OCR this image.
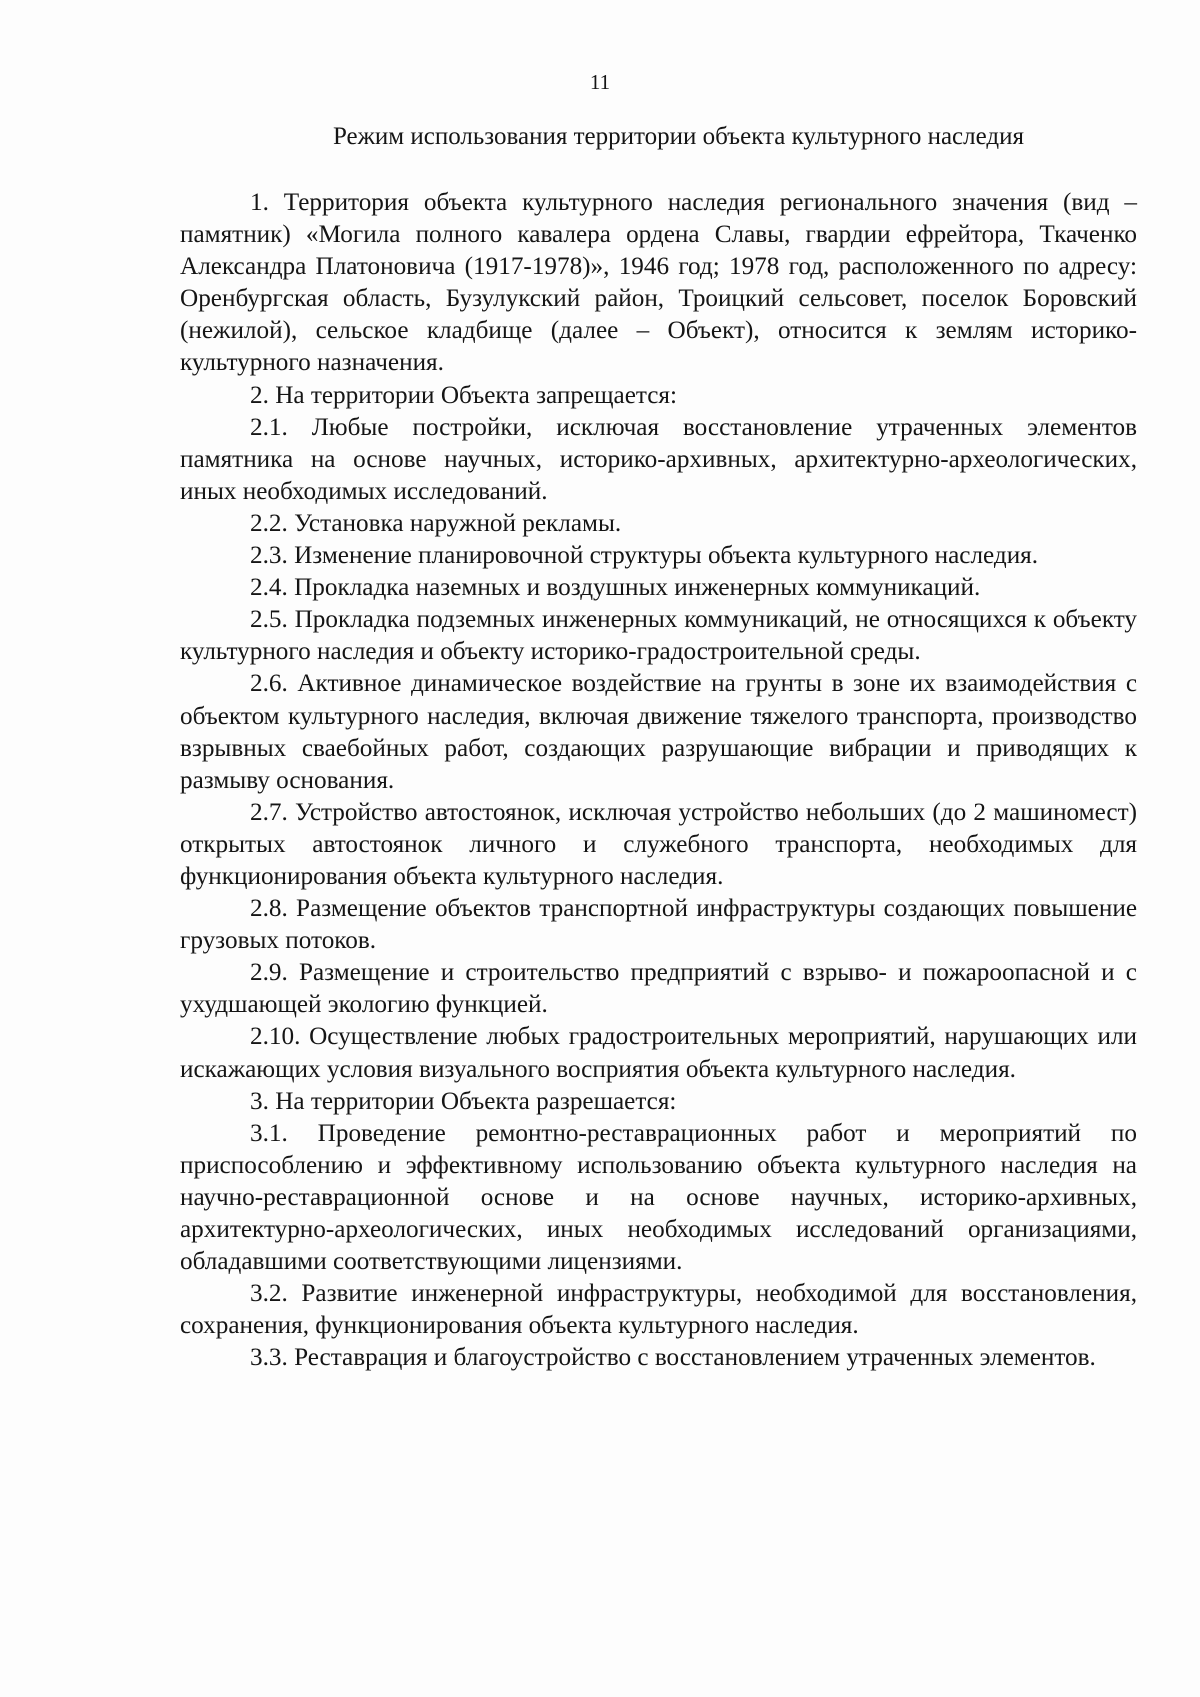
11
Режим использования территории объекта культурного наследия

1. Территория объекта культурного наследия регионального значения (вид – памятник) «Могила полного кавалера ордена Славы, гвардии ефрейтора, Ткаченко Александра Платоновича (1917-1978)», 1946 год; 1978 год, расположенного по адресу: Оренбургская область, Бузулукский район, Троицкий сельсовет, поселок Боровский (нежилой), сельское кладбище (далее – Объект), относится к землям историко-культурного назначения.

2. На территории Объекта запрещается:

2.1. Любые постройки, исключая восстановление утраченных элементов памятника на основе научных, историко-архивных, архитектурно-археологических, иных необходимых исследований.

2.2. Установка наружной рекламы.

2.3. Изменение планировочной структуры объекта культурного наследия.

2.4. Прокладка наземных и воздушных инженерных коммуникаций.

2.5. Прокладка подземных инженерных коммуникаций, не относящихся к объекту культурного наследия и объекту историко-градостроительной среды.

2.6. Активное динамическое воздействие на грунты в зоне их взаимодействия с объектом культурного наследия, включая движение тяжелого транспорта, производство взрывных сваебойных работ, создающих разрушающие вибрации и приводящих к размыву основания.

2.7. Устройство автостоянок, исключая устройство небольших (до 2 машиномест) открытых автостоянок личного и служебного транспорта, необходимых для функционирования объекта культурного наследия.

2.8. Размещение объектов транспортной инфраструктуры создающих повышение грузовых потоков.

2.9. Размещение и строительство предприятий с взрыво- и пожароопасной и с ухудшающей экологию функцией.

2.10. Осуществление любых градостроительных мероприятий, нарушающих или искажающих условия визуального восприятия объекта культурного наследия.

3. На территории Объекта разрешается:

3.1. Проведение ремонтно-реставрационных работ и мероприятий по приспособлению и эффективному использованию объекта культурного наследия на научно-реставрационной основе и на основе научных, историко-архивных, архитектурно-археологических, иных необходимых исследований организациями, обладавшими соответствующими лицензиями.

3.2. Развитие инженерной инфраструктуры, необходимой для восстановления, сохранения, функционирования объекта культурного наследия.

3.3. Реставрация и благоустройство с восстановлением утраченных элементов.
